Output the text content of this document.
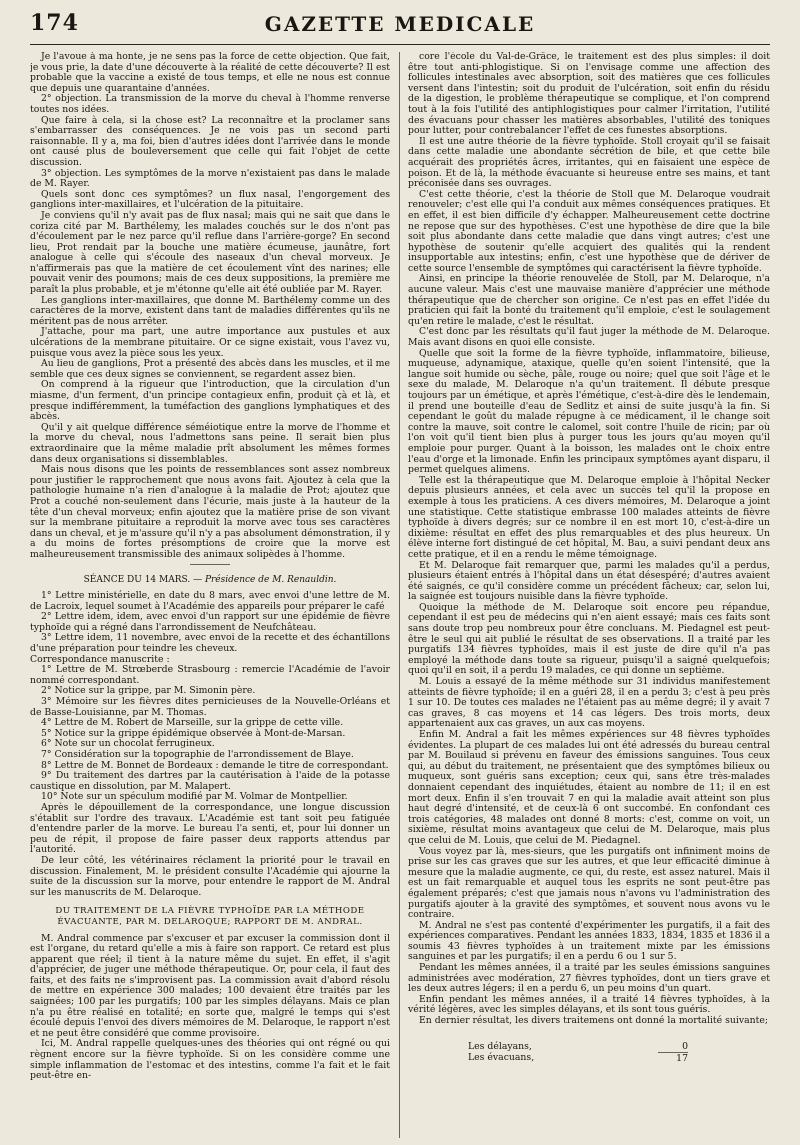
174	GAZETTE MEDICALE

Je l'avoue à ma honte, je ne sens pas la force de cette objection. Que fait, je vous prie, la date d'une découverte à la réalité de cette découverte? Il est probable que la vaccine a existé de tous temps, et elle ne nous est connue que depuis une quarantaine d'années.

2° objection. La transmission de la morve du cheval à l'homme renverse toutes nos idées.

Que faire à cela, si la chose est? La reconnaître et la proclamer sans s'embarrasser des conséquences. Je ne vois pas un second parti raisonnable. Il y a, ma foi, bien d'autres idées dont l'arrivée dans le monde ont causé plus de bouleversement que celle qui fait l'objet de cette discussion.

3° objection. Les symptômes de la morve n'existaient pas dans le malade de M. Rayer.

Quels sont donc ces symptômes? un flux nasal, l'engorgement des ganglions inter-maxillaires, et l'ulcération de la pituitaire.

Je conviens qu'il n'y avait pas de flux nasal; mais qui ne sait que dans le coriza cité par M. Barthélemy, les malades couchés sur le dos n'ont pas d'écoulement par le nez parce qu'il reflue dans l'arrière-gorge? En second lieu, Prot rendait par la bouche une matière écumeuse, jaunâtre, fort analogue à celle qui s'écoule des naseaux d'un cheval morveux. Je n'affirmerais pas que la matière de cet écoulement vînt des narines; elle pouvait venir des poumons; mais de ces deux suppositions, la première me paraît la plus probable, et je m'étonne qu'elle ait été oubliée par M. Rayer.

Les ganglions inter-maxillaires, que donne M. Barthélemy comme un des caractères de la morve, existent dans tant de maladies différentes qu'ils ne méritent pas de nous arrêter.

J'attache, pour ma part, une autre importance aux pustules et aux ulcérations de la membrane pituitaire. Or ce signe existait, vous l'avez vu, puisque vous avez la pièce sous les yeux.

Au lieu de ganglions, Prot a présenté des abcès dans les muscles, et il me semble que ces deux signes se conviennent, se regardent assez bien.

On comprend à la rigueur que l'introduction, que la circulation d'un miasme, d'un ferment, d'un principe contagieux enfin, produit çà et là, et presque indifféremment, la tuméfaction des ganglions lymphatiques et des abcès.

Qu'il y ait quelque différence séméiotique entre la morve de l'homme et la morve du cheval, nous l'admettons sans peine. Il serait bien plus extraordinaire que la même maladie prît absolument les mêmes formes dans deux organisations si dissemblables.

Mais nous disons que les points de ressemblances sont assez nombreux pour justifier le rapprochement que nous avons fait. Ajoutez à cela que la pathologie humaine n'a rien d'analogue à la maladie de Prot; ajoutez que Prot a couché non-seulement dans l'écurie, mais juste à la hauteur de la tête d'un cheval morveux; enfin ajoutez que la matière prise de son vivant sur la membrane pituitaire a reproduit la morve avec tous ses caractères dans un cheval, et je m'assure qu'il n'y a pas absolument démonstration, il y a du moins de fortes présomptions de croire que la morve est malheureusement transmissible des animaux solipèdes à l'homme.

SÉANCE DU 14 MARS. — Présidence de M. Renauldin.

1° Lettre ministérielle, en date du 8 mars, avec envoi d'une lettre de M. de Lacroix, lequel soumet à l'Académie des appareils pour préparer le café

2° Lettre idem, idem, avec envoi d'un rapport sur une épidémie de fièvre typhoïde qui a régné dans l'arrondissement de Neufchâteau.

3° Lettre idem, 11 novembre, avec envoi de la recette et des échantillons d'une préparation pour teindre les cheveux.

Correspondance manuscrite :

1° Lettre de M. Strœberde Strasbourg : remercie l'Académie de l'avoir nommé correspondant.

2° Notice sur la grippe, par M. Simonin père.

3° Mémoire sur les fièvres dites pernicieuses de la Nouvelle-Orléans et de Basse-Louisianne, par M. Thomas.

4° Lettre de M. Robert de Marseille, sur la grippe de cette ville.

5° Notice sur la grippe épidémique observée à Mont-de-Marsan.

6° Note sur un chocolat ferrugineux.

7° Considération sur la topographie de l'arrondissement de Blaye.

8° Lettre de M. Bonnet de Bordeaux : demande le titre de correspondant.

9° Du traitement des dartres par la cautérisation à l'aide de la potasse caustique en dissolution, par M. Malapert.

10° Note sur un spéculum modifié par M. Volmar de Montpellier.

Après le dépouillement de la correspondance, une longue discussion s'établit sur l'ordre des travaux. L'Académie est tant soit peu fatiguée d'entendre parler de la morve. Le bureau l'a senti, et, pour lui donner un peu de répit, il propose de faire passer deux rapports attendus par l'autorité.

De leur côté, les vétérinaires réclament la priorité pour le travail en discussion. Finalement, M. le président consulte l'Académie qui ajourne la suite de la discussion sur la morve, pour entendre le rapport de M. Andral sur les manuscrits de M. Delaroque.

DU TRAITEMENT DE LA FIÈVRE TYPHOÏDE PAR LA MÉTHODE ÉVACUANTE, PAR M. DELAROQUE; RAPPORT DE M. ANDRAL.

M. Andral commence par s'excuser et par excuser la commission dont il est l'organe, du retard qu'elle a mis à faire son rapport. Ce retard est plus apparent que réel; il tient à la nature même du sujet. En effet, il s'agit d'apprécier, de juger une méthode thérapeutique. Or, pour cela, il faut des faits, et des faits ne s'improvisent pas. La commission avait d'abord résolu de mettre en expérience 300 malades; 100 devaient être traités par les saignées; 100 par les purgatifs; 100 par les simples délayans. Mais ce plan n'a pu être réalisé en totalité; en sorte que, malgré le temps qui s'est écoulé depuis l'envoi des divers mémoires de M. Delaroque, le rapport n'est et ne peut être considéré que comme provisoire.

Ici, M. Andral rappelle quelques-unes des théories qui ont régné ou qui règnent encore sur la fièvre typhoïde. Si on les considère comme une simple inflammation de l'estomac et des intestins, comme l'a fait et le fait peut-être en-

core l'école du Val-de-Grâce, le traitement est des plus simples: il doit être tout anti-phlogistique. Si on l'envisage comme une affection des follicules intestinales avec absorption, soit des matières que ces follicules versent dans l'intestin; soit du produit de l'ulcération, soit enfin du résidu de la digestion, le problème thérapeutique se complique, et l'on comprend tout à la fois l'utilité des antiphlogistiques pour calmer l'irritation, l'utilité des évacuans pour chasser les matières absorbables, l'utilité des toniques pour lutter, pour contrebalancer l'effet de ces funestes absorptions.

Il est une autre théorie de la fièvre typhoïde. Stoll croyait qu'il se faisait dans cette maladie une abondante sécrétion de bile, et que cette bile acquérait des propriétés âcres, irritantes, qui en faisaient une espèce de poison. Et de là, la méthode évacuante si heureuse entre ses mains, et tant préconisée dans ses ouvrages.

C'est cette théorie, c'est la théorie de Stoll que M. Delaroque voudrait renouveler; c'est elle qui l'a conduit aux mêmes conséquences pratiques. Et en effet, il est bien difficile d'y échapper. Malheureusement cette doctrine ne repose que sur des hypothèses. C'est une hypothèse de dire que la bile soit plus abondante dans cette maladie que dans vingt autres; c'est une hypothèse de soutenir qu'elle acquiert des qualités qui la rendent insupportable aux intestins; enfin, c'est une hypothèse que de dériver de cette source l'ensemble de symptômes qui caractérisent la fièvre typhoïde.

Ainsi, en principe la théorie renouvelée de Stoll, par M. Delaroque, n'a aucune valeur. Mais c'est une mauvaise manière d'apprécier une méthode thérapeutique que de chercher son origine. Ce n'est pas en effet l'idée du praticien qui fait la bonté du traitement qu'il emploie, c'est le soulagement qu'en retire le malade, c'est le résultat.

C'est donc par les résultats qu'il faut juger la méthode de M. Delaroque. Mais avant disons en quoi elle consiste.

Quelle que soit la forme de la fièvre typhoïde, inflammatoire, bilieuse, muqueuse, adynamique, ataxique, quelle qu'en soient l'intensité, que la langue soit humide ou sèche, pâle, rouge ou noire; quel que soit l'âge et le sexe du malade, M. Delaroque n'a qu'un traitement. Il débute presque toujours par un émétique, et après l'émétique, c'est-à-dire dès le lendemain, il prend une bouteille d'eau de Sedlitz et ainsi de suite jusqu'à la fin. Si cependant le goût du malade répugne à ce médicament, il le change soit contre la mauve, soit contre le calomel, soit contre l'huile de ricin; par où l'on voit qu'il tient bien plus à purger tous les jours qu'au moyen qu'il emploie pour purger. Quant à la boisson, les malades ont le choix entre l'eau d'orge et la limonade. Enfin les principaux symptômes ayant disparu, il permet quelques alimens.

Telle est la thérapeutique que M. Delaroque emploie à l'hôpital Necker depuis plusieurs années, et cela avec un succès tel qu'il la propose en exemple à tous les praticiens. A ces divers mémoires, M. Delaroque a joint une statistique. Cette statistique embrasse 100 malades atteints de fièvre typhoïde à divers degrés; sur ce nombre il en est mort 10, c'est-à-dire un dixième: résultat en effet des plus remarquables et des plus heureux. Un élève interne fort distingué de cet hôpital, M. Bau, a suivi pendant deux ans cette pratique, et il en a rendu le même témoignage.

Et M. Delaroque fait remarquer que, parmi les malades qu'il a perdus, plusieurs étaient entrés à l'hôpital dans un état désespéré; d'autres avaient été saignés, ce qu'il considère comme un précédent fâcheux; car, selon lui, la saignée est toujours nuisible dans la fièvre typhoïde.

Quoique la méthode de M. Delaroque soit encore peu répandue, cependant il est peu de médecins qui n'en aient essayé; mais ces faits sont sans doute trop peu nombreux pour être concluans. M. Piedagnel est peut-être le seul qui ait publié le résultat de ses observations. Il a traité par les purgatifs 134 fièvres typhoïdes, mais il est juste de dire qu'il n'a pas employé la méthode dans toute sa rigueur, puisqu'il a saigné quelquefois; quoi qu'il en soit, il a perdu 19 malades, ce qui donne un septième.

M. Louis a essayé de la même méthode sur 31 individus manifestement atteints de fièvre typhoïde; il en a guéri 28, il en a perdu 3; c'est à peu près 1 sur 10. De toutes ces malades ne l'étaient pas au même degré; il y avait 7 cas graves, 8 cas moyens et 14 cas légers. Des trois morts, deux appartenaient aux cas graves, un aux cas moyens.

Enfin M. Andral a fait les mêmes expériences sur 48 fièvres typhoïdes évidentes. La plupart de ces malades lui ont été adressés du bureau central par M. Bouilaud si prévenu en faveur des émissions sanguines. Tous ceux qui, au début du traitement, ne présentaient que des symptômes bilieux ou muqueux, sont guéris sans exception; ceux qui, sans être très-malades donnaient cependant des inquiétudes, étaient au nombre de 11; il en est mort deux. Enfin il s'en trouvait 7 en qui la maladie avait atteint son plus haut degré d'intensité, et de ceux-là 6 ont succombé. En confondant ces trois catégories, 48 malades ont donné 8 morts: c'est, comme on voit, un sixième, résultat moins avantageux que celui de M. Delaroque, mais plus que celui de M. Louis, que celui de M. Piedagnel.

Vous voyez par là, mes-sieurs, que les purgatifs ont infiniment moins de prise sur les cas graves que sur les autres, et que leur efficacité diminue à mesure que la maladie augmente, ce qui, du reste, est assez naturel. Mais il est un fait remarquable et auquel tous les esprits ne sont peut-être pas également préparés; c'est que jamais nous n'avons vu l'administration des purgatifs ajouter à la gravité des symptômes, et souvent nous avons vu le contraire.

M. Andral ne s'est pas contenté d'expérimenter les purgatifs, il a fait des expériences comparatives. Pendant les années 1833, 1834, 1835 et 1836 il a soumis 43 fièvres typhoïdes à un traitement mixte par les émissions sanguines et par les purgatifs; il en a perdu 6 ou 1 sur 5.

Pendant les mêmes années, il a traité par les seules émissions sanguines administrées avec modération, 27 fièvres typhoïdes, dont un tiers grave et les deux autres légers; il en a perdu 6, un peu moins d'un quart.

Enfin pendant les mêmes années, il a traité 14 fièvres typhoïdes, à la vérité légères, avec les simples délayans, et ils sont tous guéris.

En dernier résultat, les divers traitemens ont donné la mortalité suivante;

Les délayans,	0
Les évacuans,	17
